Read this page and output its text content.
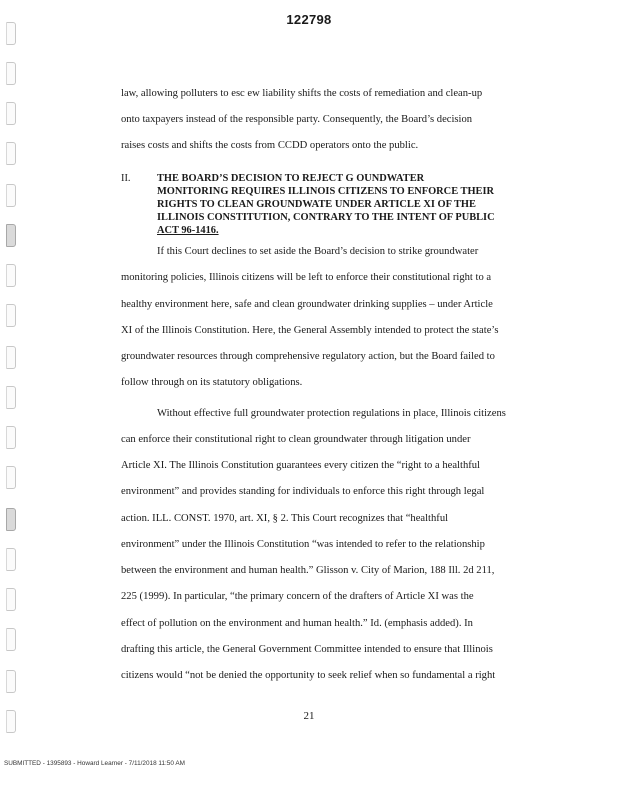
122798
law, allowing polluters to esc ew liability shifts the costs of remediation and clean-up
onto taxpayers instead of the responsible party. Consequently, the Board’s decision
raises costs and shifts the costs from CCDD operators onto the public.
II.	THE BOARD’S DECISION TO REJECT G OUNDWATER
MONITORING REQUIRES ILLINOIS CITIZENS TO ENFORCE THEIR
RIGHTS TO CLEAN GROUNDWATE UNDER ARTICLE XI OF THE
ILLINOIS CONSTITUTION, CONTRARY TO THE INTENT OF PUBLIC
ACT 96-1416.
If this Court declines to set aside the Board’s decision to strike groundwater
monitoring policies, Illinois citizens will be left to enforce their constitutional right to a
healthy environment here, safe and clean groundwater drinking supplies – under Article
XI of the Illinois Constitution. Here, the General Assembly intended to protect the state’s
groundwater resources through comprehensive regulatory action, but the Board failed to
follow through on its statutory obligations.
Without effective full groundwater protection regulations in place, Illinois citizens
can enforce their constitutional right to clean groundwater through litigation under
Article XI. The Illinois Constitution guarantees every citizen the “right to a healthful
environment” and provides standing for individuals to enforce this right through legal
action. ILL. CONST. 1970, art. XI, § 2. This Court recognizes that “healthful
environment” under the Illinois Constitution “was intended to refer to the relationship
between the environment and human health.” Glisson v. City of Marion, 188 Ill. 2d 211,
225 (1999). In particular, “the primary concern of the drafters of Article XI was the
effect of pollution on the environment and human health.” Id. (emphasis added). In
drafting this article, the General Government Committee intended to ensure that Illinois
citizens would “not be denied the opportunity to seek relief when so fundamental a right
21
SUBMITTED - 1395893 - Howard Learner - 7/11/2018 11:50 AM
